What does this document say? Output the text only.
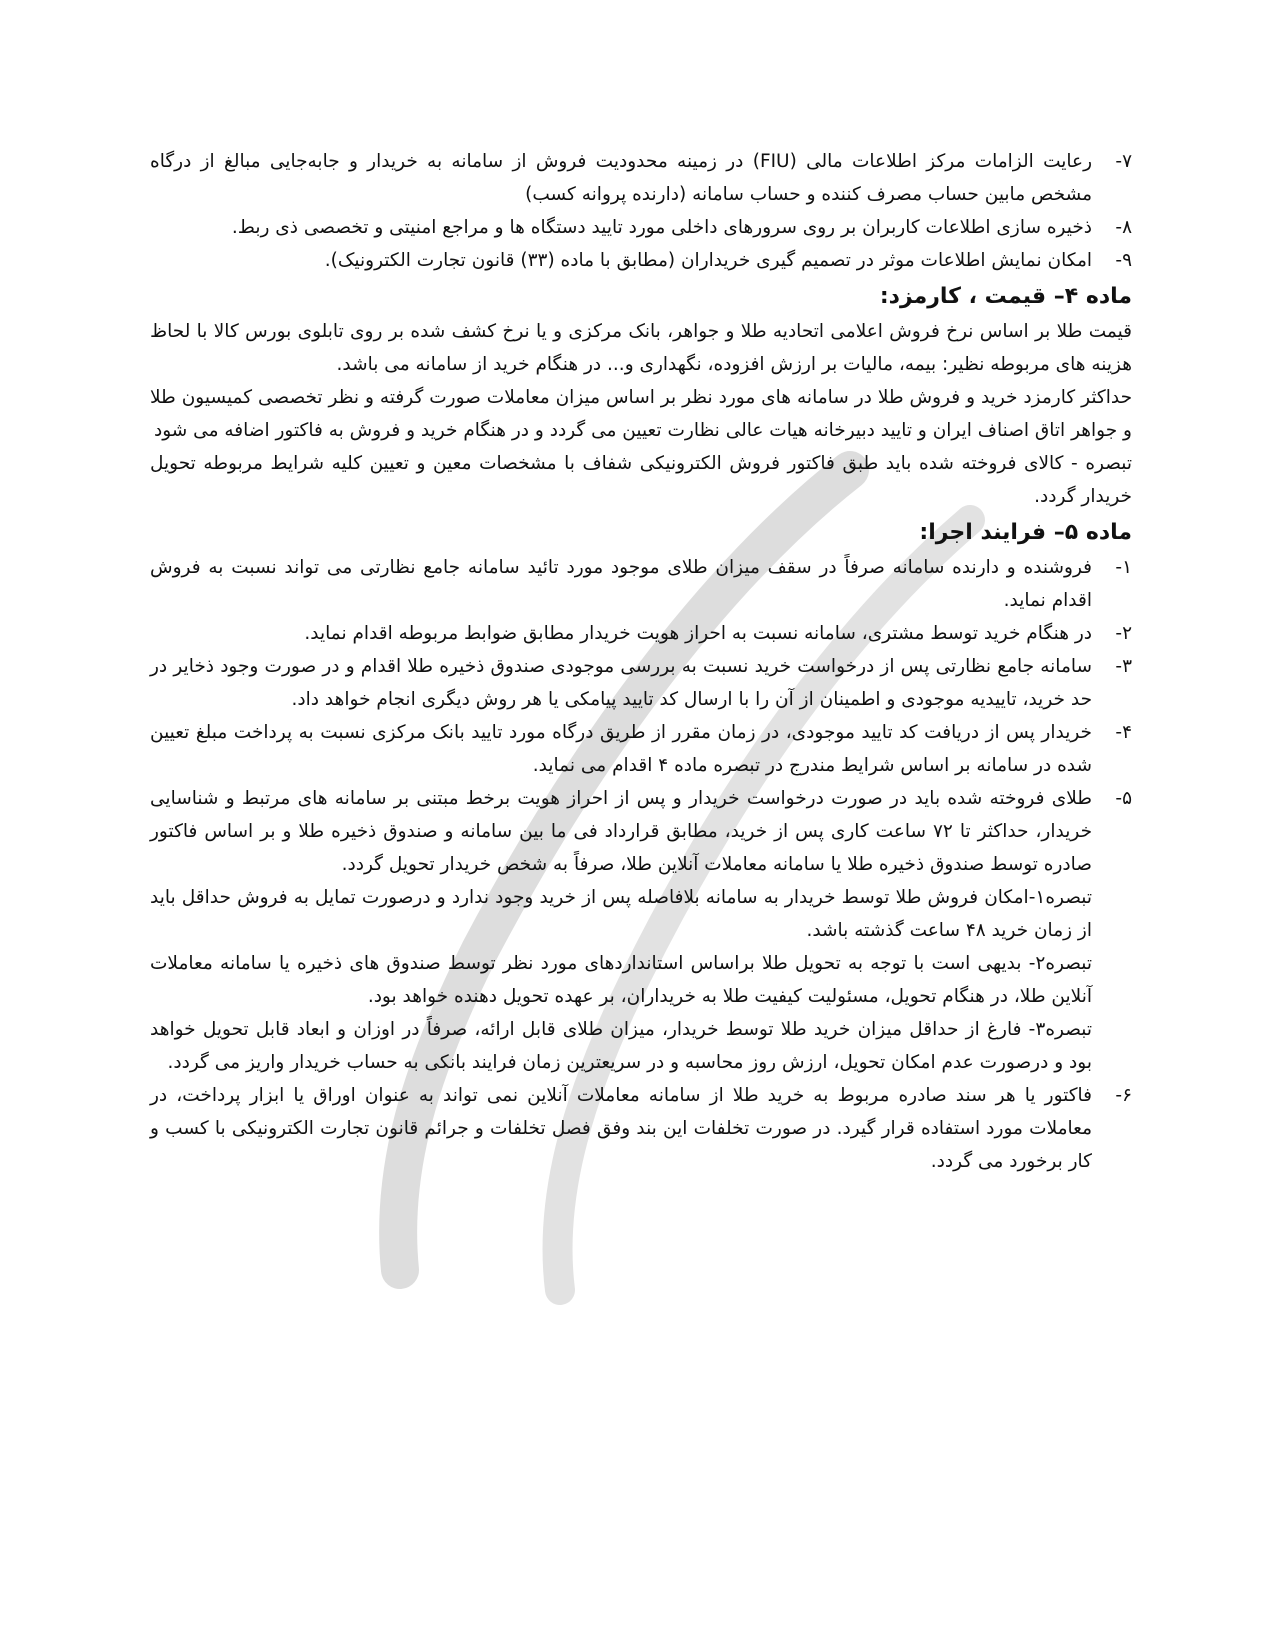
۷-
رعایت الزامات مرکز اطلاعات مالی (FIU) در زمینه محدودیت فروش از سامانه به خریدار و جابه‌جایی مبالغ از درگاه مشخص مابین حساب مصرف کننده و حساب سامانه (دارنده پروانه کسب)

۸-
ذخیره سازی اطلاعات کاربران بر روی سرورهای داخلی مورد تایید دستگاه ها و مراجع امنیتی و تخصصی ذی ربط.

۹-
امکان نمایش اطلاعات موثر در تصمیم گیری خریداران (مطابق با ماده (۳۳) قانون تجارت الکترونیک).

ماده ۴– قیمت ، کارمزد:

قیمت طلا بر اساس نرخ فروش اعلامی اتحادیه طلا و جواهر، بانک مرکزی و یا نرخ کشف شده بر روی تابلوی بورس کالا با لحاظ هزینه های مربوطه نظیر: بیمه، مالیات بر ارزش افزوده، نگهداری و... در هنگام خرید از سامانه می باشد.

حداکثر کارمزد خرید و فروش طلا در سامانه های مورد نظر بر اساس میزان معاملات صورت گرفته و نظر تخصصی کمیسیون طلا و جواهر اتاق اصناف ایران و تایید دبیرخانه هیات عالی نظارت تعیین می گردد و در هنگام خرید و فروش به فاکتور اضافه می شود

تبصره - کالای فروخته شده باید طبق فاکتور فروش الکترونیکی شفاف با مشخصات معین و تعیین کلیه شرایط مربوطه تحویل خریدار گردد.

ماده ۵– فرایند اجرا:

۱-
فروشنده و دارنده سامانه صرفاً در سقف میزان طلای موجود مورد تائید سامانه جامع نظارتی می تواند نسبت به فروش اقدام نماید.

۲-
در هنگام خرید توسط مشتری، سامانه نسبت به احراز هویت خریدار مطابق ضوابط مربوطه اقدام نماید.

۳-
سامانه جامع نظارتی پس از درخواست خرید نسبت به بررسی موجودی صندوق ذخیره طلا اقدام و در صورت وجود ذخایر در حد خرید، تاییدیه موجودی و اطمینان از آن را با ارسال کد تایید پیامکی یا هر روش دیگری انجام خواهد داد.

۴-
خریدار پس از دریافت کد تایید موجودی، در زمان مقرر از طریق درگاه مورد تایید بانک مرکزی نسبت به پرداخت مبلغ تعیین شده در سامانه بر اساس شرایط مندرج در تبصره ماده ۴ اقدام می نماید.

۵-
طلای فروخته شده باید در صورت درخواست خریدار و پس از احراز هویت برخط مبتنی بر سامانه های مرتبط و شناسایی خریدار، حداکثر تا ۷۲ ساعت کاری پس از خرید، مطابق قرارداد فی ما بین سامانه و صندوق ذخیره طلا و بر اساس فاکتور صادره توسط صندوق ذخیره طلا یا سامانه معاملات آنلاین طلا، صرفاً به شخص خریدار تحویل گردد.

تبصره۱-امکان فروش طلا توسط خریدار به سامانه بلافاصله پس از خرید وجود ندارد و درصورت تمایل به فروش حداقل باید از زمان خرید ۴۸ ساعت گذشته باشد.

تبصره۲- بدیهی است با توجه به تحویل طلا براساس استانداردهای مورد نظر توسط صندوق های ذخیره یا سامانه معاملات آنلاین طلا، در هنگام تحویل، مسئولیت کیفیت طلا به خریداران، بر عهده تحویل دهنده خواهد بود.

تبصره۳- فارغ از حداقل میزان خرید طلا توسط خریدار، میزان طلای قابل ارائه، صرفاً در اوزان و ابعاد قابل تحویل خواهد بود و درصورت عدم امکان تحویل، ارزش روز محاسبه و در سریعترین زمان فرایند بانکی به حساب خریدار واریز می گردد.

۶-
فاکتور یا هر سند صادره مربوط به خرید طلا از سامانه معاملات آنلاین نمی تواند به عنوان اوراق یا ابزار پرداخت، در معاملات مورد استفاده قرار گیرد. در صورت تخلفات این بند وفق فصل تخلفات و جرائم قانون تجارت الکترونیکی با کسب و کار برخورد می گردد.
